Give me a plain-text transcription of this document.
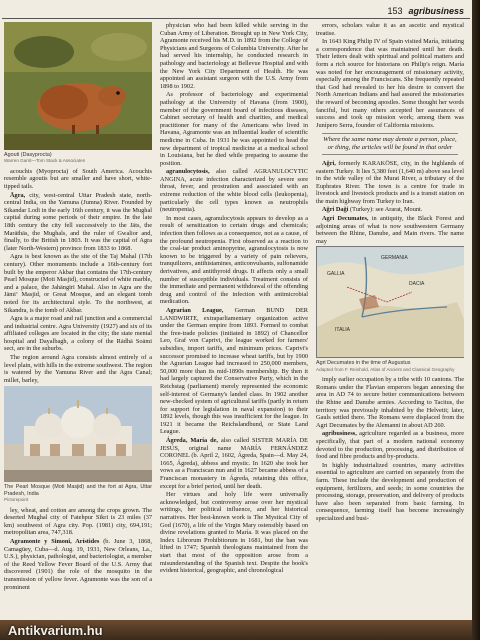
153 agribusiness
Agouti (Dasyprocta)
Warren Garst—Tom Stack & Associates

acouchis (Myoprocta) of South America. Acouchis resemble agoutis but are smaller and have short, white-tipped tails.

Āgra, city, west-central Uttar Pradesh state, north-central India, on the Yamuna (Jumna) River. Founded by Sikandar Lodī in the early 16th century, it was the Mughal capital during some periods of their empire. In the late 18th century the city fell successively to the Jāts, the Marāthās, the Mughals, and the ruler of Gwalior and, finally, to the British in 1803. It was the capital of Agra (later North-Western) province from 1833 to 1868.

Agra is best known as the site of the Taj Mahal (17th century). Other monuments include a 16th-century fort built by the emperor Akbar that contains the 17th-century Pearl Mosque (Moti Masjid), constructed of white marble, and a palace, the Jahāngīrī Mahal. Also in Agra are the Jāmi‘ Masjid, or Great Mosque, and an elegant tomb noted for its architectural style. To the northwest, at Sikandra, is the tomb of Akbar.

Agra is a major road and rail junction and a commercial and industrial centre. Agra University (1927) and six of its affiliated colleges are located in the city; the state mental hospital and Dayalbagh, a colony of the Rādhā Soāmi sect, are in the suburbs.

The region around Agra consists almost entirely of a level plain, with hills in the extreme southwest. The region is watered by the Yamuna River and the Agra Canal; millet, barley,

The Pearl Mosque (Moti Masjid) and the fort at Agra, Uttar Pradesh, India
Pictorepoint

ley, wheat, and cotton are among the crops grown. The deserted Mughal city of Fatehpur Sīkri is 23 miles (37 km) southwest of Agra city. Pop. (1981) city, 694,191; metropolitan area, 747,318.

Agramonte y Simoni, Arístides (b. June 3, 1868, Camagüey, Cuba—d. Aug. 19, 1931, New Orleans, La., U.S.), physician, pathologist, and bacteriologist, a member of the Reed Yellow Fever Board of the U.S. Army that discovered (1901) the role of the mosquito in the transmission of yellow fever. Agramonte was the son of a prominent

physician who had been killed while serving in the Cuban Army of Liberation. Brought up in New York City, Agramonte received his M.D. in 1892 from the College of Physicians and Surgeons of Columbia University. After he had served his internship, he conducted research in pathology and bacteriology at Bellevue Hospital and with the New York City Department of Health. He was appointed an assistant surgeon with the U.S. Army from 1898 to 1902.

As professor of bacteriology and experimental pathology at the University of Havana (from 1900), member of the government board of infectious diseases, Cabinet secretary of health and charities, and medical practitioner for many of the Americans who lived in Havana, Agramonte was an influential leader of scientific medicine in Cuba. In 1931 he was appointed to head the new department of tropical medicine at a medical school in Louisiana, but he died while preparing to assume the position.

agranulocytosis, also called AGRANULOCYTIC ANGINA, acute infection characterized by severe sore throat, fever, and prostration and associated with an extreme reduction of the white blood cells (leukopenia), particularly the cell types known as neutrophils (neutropenia).

In most cases, agranulocytosis appears to develop as a result of sensitization to certain drugs and chemicals; infection then follows as a consequence, not as a cause, of the profound neutropenia. First observed as a reaction to the coal-tar product aminopyrine, agranulocytosis is now known to be triggered by a variety of pain relievers, tranquilizers, antihistamines, anticonvulsants, sulfonamide derivatives, and antithyroid drugs. It affects only a small number of susceptible individuals. Treatment consists of the immediate and permanent withdrawal of the offending drug and control of the infection with antimicrobial medication.

Agrarian League, German BUND DER LANDWIRTE, extraparliamentary organization active under the German empire from 1893. Formed to combat the free-trade policies (initiated in 1892) of Chancellor Leo, Graf von Caprivi, the league worked for farmers' subsidies, import tariffs, and minimum prices. Caprivi's successor promised to increase wheat tariffs, but by 1900 the Agrarian League had increased to 250,000 members, 50,000 more than its mid-1890s membership. By then it had largely captured the Conservative Party, which in the Reichstag (parliament) merely represented the economic self-interest of Germany's landed class. In 1902 another new-checked system of agricultural tariffs (partly in return for support for legislation in naval expansion) to their 1892 levels, though this was insufficient for the league. In 1921 it became the Reichslandbund, or State Land League.

Ágreda, María de, also called SISTER MARÍA DE JESÚS, original name MARÍA FERNÁNDEZ CORONEL (b. April 2, 1602, Ágreda, Spain—d. May 24, 1665, Ágreda), abbess and mystic. In 1620 she took her vows as a Franciscan nun and in 1627 became abbess of a Franciscan monastery in Ágreda, retaining this office, except for a brief period, until her death.

Her virtues and holy life were universally acknowledged, but controversy arose over her mystical writings, her political influence, and her historical narratives. Her best-known work is The Mystical City of God (1670), a life of the Virgin Mary ostensibly based on divine revelations granted to María. It was placed on the Index Librorum Prohibitorum in 1681, but the ban was lifted in 1747; Spanish theologians maintained from the start that most of the opposition arose from a misunderstanding of the Spanish text. Despite the book's evident historical, geographic, and chronological

errors, scholars value it as an ascetic and mystical treatise.

In 1643 King Philip IV of Spain visited María, initiating a correspondence that was maintained until her death. Their letters dealt with spiritual and political matters and form a rich source for historians on Philip's reign. María was noted for her encouragement of missionary activity, especially among the Franciscans. She frequently repeated that God had revealed to her his desire to convert the North American Indians and had assured the missionaries the reward of becoming apostles. Some thought her words fanciful, but many others accepted her assurances of success and took up mission work; among them was Junípero Serra, founder of California missions.

Where the same name may denote a person, place, or thing, the articles will be found in that order

Ağri, formerly KARAKÖSE, city, in the highlands of eastern Turkey. It lies 5,380 feet (1,640 m) above sea level in the wide valley of the Murat River, a tributary of the Euphrates River. The town is a centre for trade in livestock and livestock products and is a transit station on the main highway from Turkey to Iran.

Ağri Daği (Turkey): see Ararat, Mount.

Agri Decumates, in antiquity, the Black Forest and adjoining areas of what is now southwestern Germany between the Rhine, Danube, and Main rivers. The name may

GALLIA
GERMANIA
DACIA
ITALIA
Agri Decumates in the time of Augustus
Adapted from F. Reinhold, Atlas of Ancient and Classical Geography

imply earlier occupation by a tribe with 10 cantons. The Romans under the Flavian emperors began annexing the area in AD 74 to secure better communications between the Rhine and Danube armies. According to Tacitus, the territory was previously inhabited by the Helvetii; later, Gauls settled there. The Romans were displaced from the Agri Decumates by the Alemanni in about AD 260.

agribusiness, agriculture regarded as a business, more specifically, that part of a modern national economy devoted to the production, processing, and distribution of food and fibre products and by-products.

In highly industrialized countries, many activities essential to agriculture are carried on separately from the farm. These include the development and production of equipment, fertilizers, and seeds; in some countries the processing, storage, preservation, and delivery of products have also been separated from basic farming. In consequence, farming itself has become increasingly specialized and busi-

Antikvarium.hu
